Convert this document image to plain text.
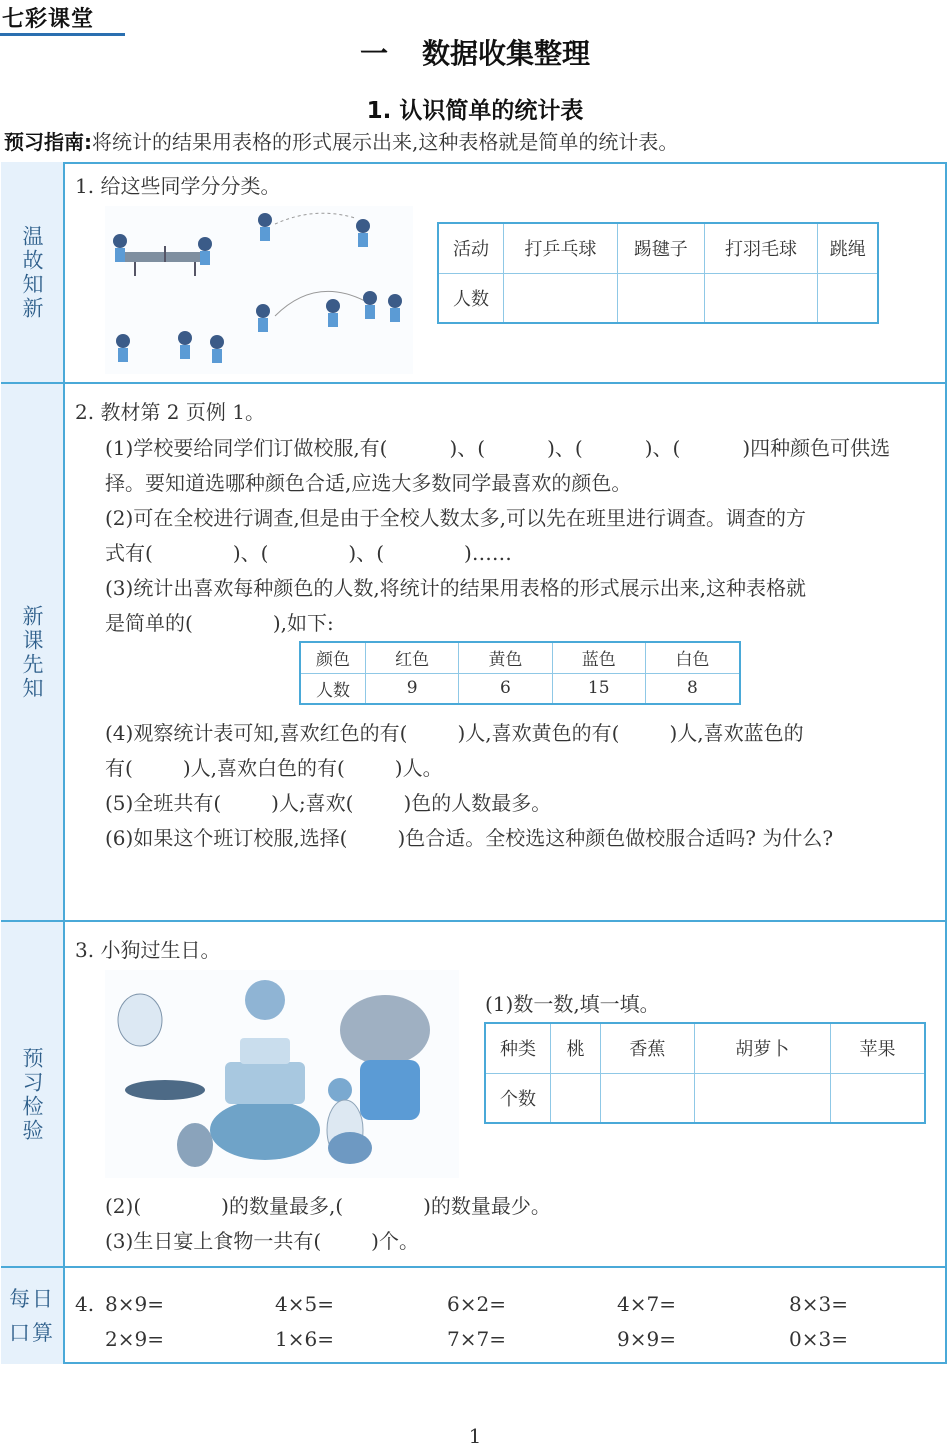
七彩课堂
一 数据收集整理
1. 认识简单的统计表
预习指南:将统计的结果用表格的形式展示出来,这种表格就是简单的统计表。
温故知新
1. 给这些同学分分类。
活动	打乒乓球	踢毽子	打羽毛球	跳绳
人数				
新课先知
2. 教材第 2 页例 1。
(1)学校要给同学们订做校服,有(	)、(	)、(	)、(	)四种颜色可供选
择。要知道选哪种颜色合适,应选大多数同学最喜欢的颜色。
(2)可在全校进行调查,但是由于全校人数太多,可以先在班里进行调查。调查的方
式有(	)、(	)、(	)……
(3)统计出喜欢每种颜色的人数,将统计的结果用表格的形式展示出来,这种表格就
是简单的(	),如下:
颜色	红色	黄色	蓝色	白色
人数	9	6	15	8
(4)观察统计表可知,喜欢红色的有(	)人,喜欢黄色的有(	)人,喜欢蓝色的
有(	)人,喜欢白色的有(	)人。
(5)全班共有(	)人;喜欢(	)色的人数最多。
(6)如果这个班订校服,选择(	)色合适。全校选这种颜色做校服合适吗? 为什么?
预习检验
3. 小狗过生日。
(1)数一数,填一填。
种类	桃	香蕉	胡萝卜	苹果
个数				
(2)(	)的数量最多,(	)的数量最少。
(3)生日宴上食物一共有(	)个。
每日
口算
4. 8×9=	4×5=	6×2=	4×7=	8×3=
2×9=	1×6=	7×7=	9×9=	0×3=
1
